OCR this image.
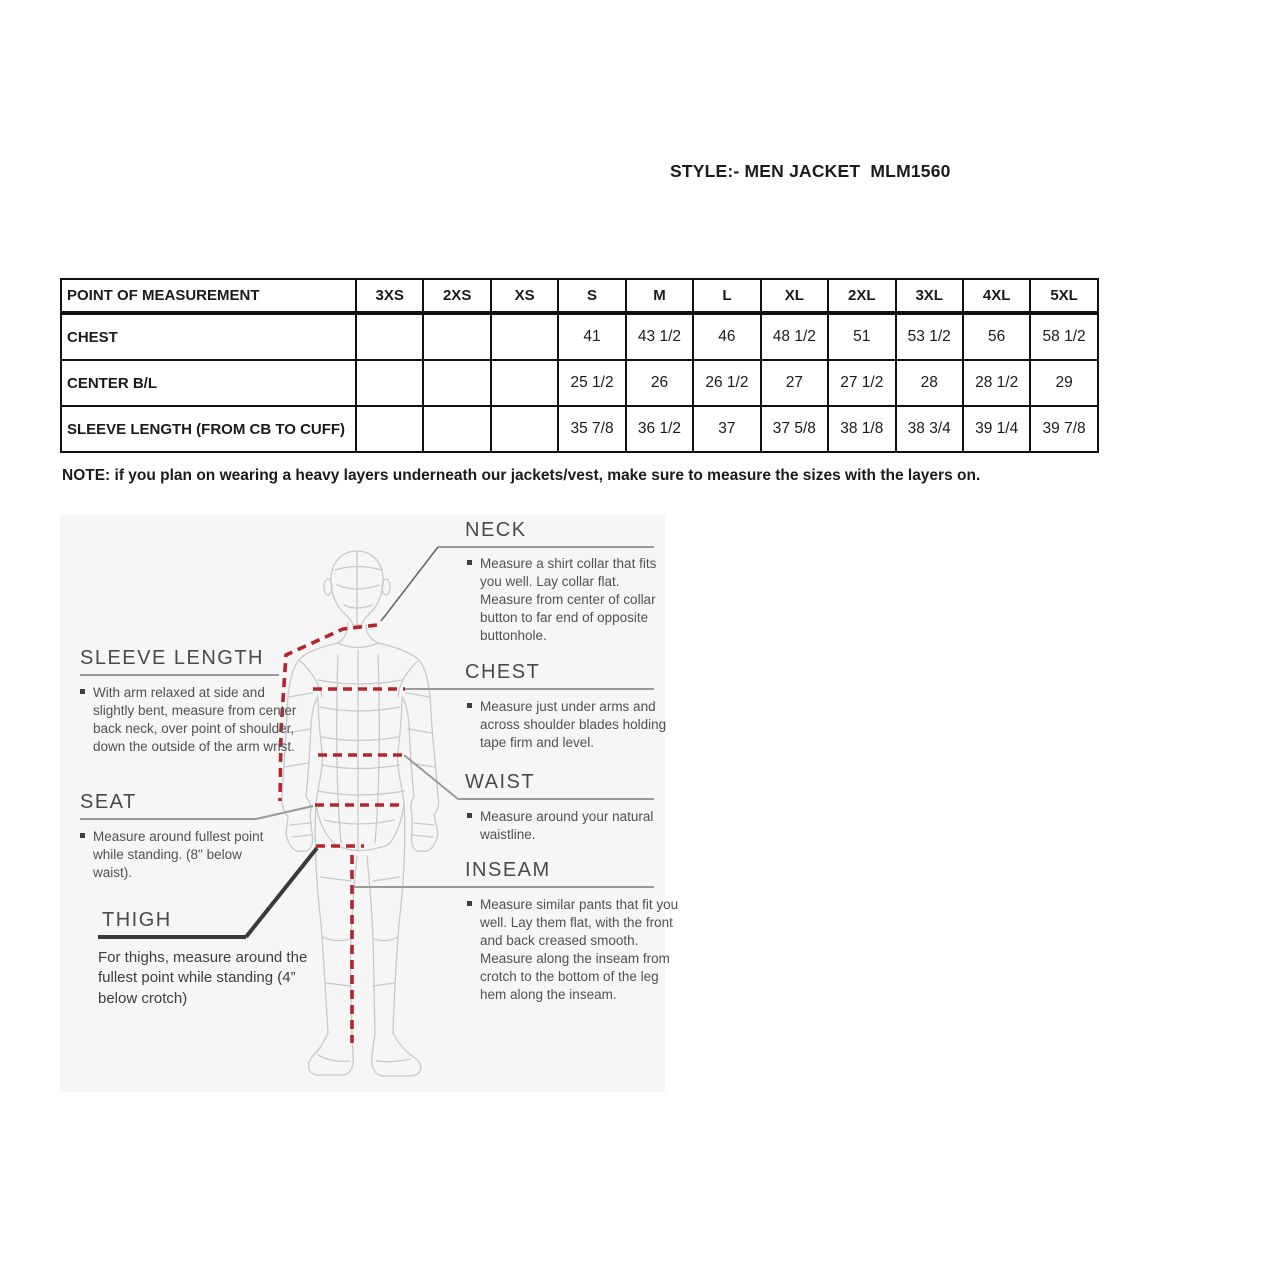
STYLE:- MEN JACKET  MLM1560
POINT OF MEASUREMENT	3XS	2XS	XS	S	M	L	XL	2XL	3XL	4XL	5XL
CHEST				41	43 1/2	46	48 1/2	51	53 1/2	56	58 1/2
CENTER B/L				25 1/2	26	26 1/2	27	27 1/2	28	28 1/2	29
SLEEVE LENGTH (FROM CB TO CUFF)				35 7/8	36 1/2	37	37 5/8	38 1/8	38 3/4	39 1/4	39 7/8
NOTE: if you plan on wearing a heavy layers underneath our jackets/vest, make sure to measure the sizes with the layers on.
NECK
Measure a shirt collar that fits you well. Lay collar flat. Measure from center of collar button to far end of opposite buttonhole.
CHEST
Measure just under arms and across shoulder blades holding tape firm and level.
WAIST
Measure around your natural waistline.
INSEAM
Measure similar pants that fit you well. Lay them flat, with the front and back creased smooth. Measure along the inseam from crotch to the bottom of the leg hem along the inseam.
SLEEVE LENGTH
With arm relaxed at side and slightly bent, measure from center back neck, over point of shoulder, down the outside of the arm wrist.
SEAT
Measure around fullest point while standing. (8" below waist).
THIGH
For thighs, measure around the fullest point while standing (4” below crotch)
